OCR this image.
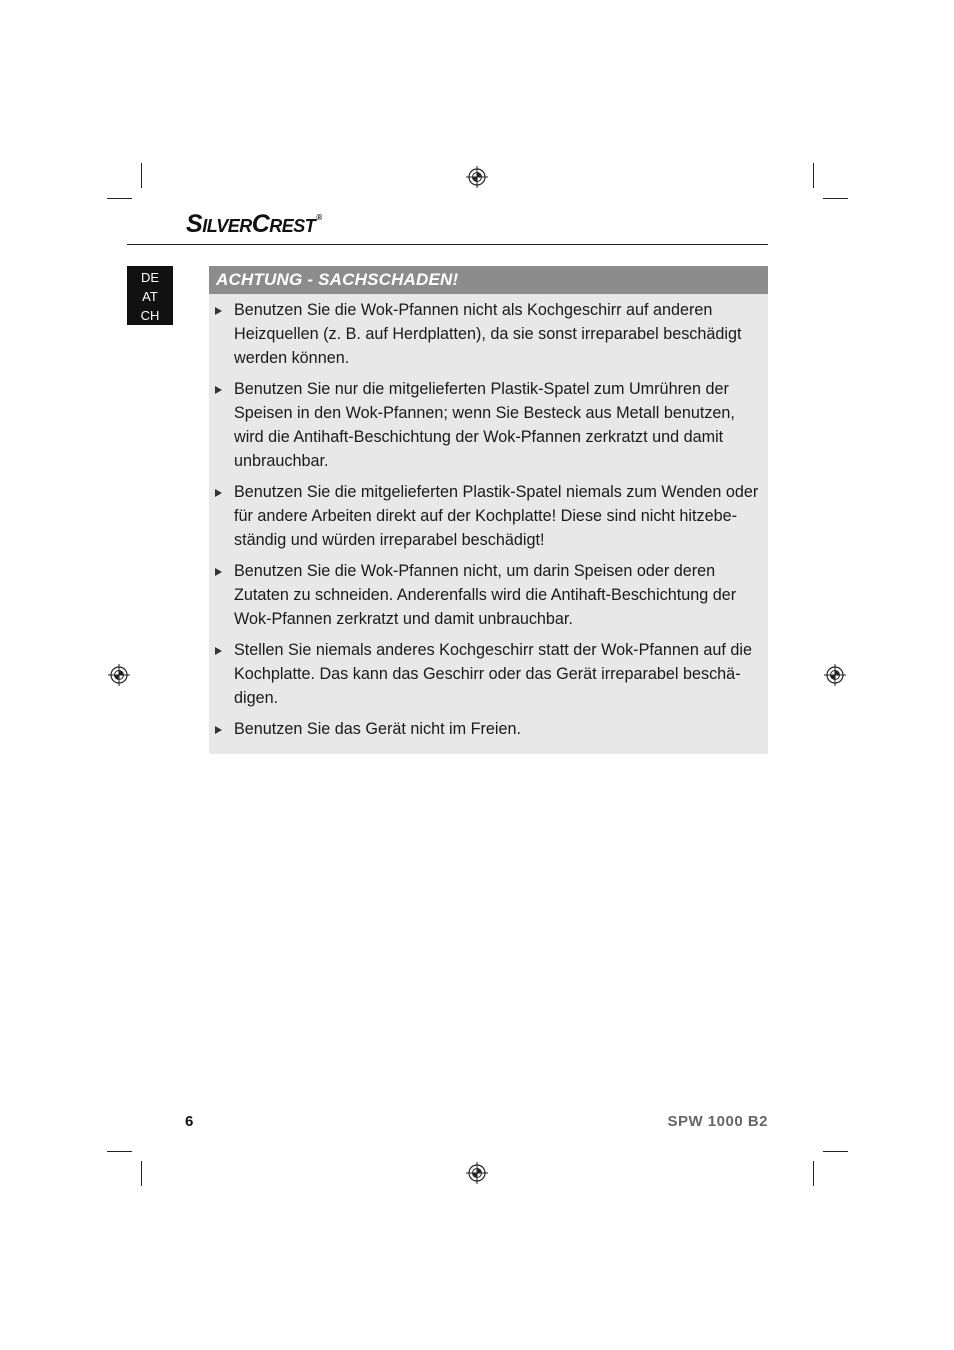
SILVERCREST®
DE
AT
CH
ACHTUNG - SACHSCHADEN!
Benutzen Sie die Wok-Pfannen nicht als Kochgeschirr auf anderen Heizquellen (z. B. auf Herdplatten), da sie sonst irreparabel beschädigt werden können.
Benutzen Sie nur die mitgelieferten Plastik-Spatel zum Umrühren der Speisen in den Wok-Pfannen; wenn Sie Besteck aus Metall benutzen, wird die Antihaft-Beschichtung der Wok-Pfannen zerkratzt und damit unbrauchbar.
Benutzen Sie die mitgelieferten Plastik-Spatel niemals zum Wenden oder für andere Arbeiten direkt auf der Kochplatte! Diese sind nicht hitzebeständig und würden irreparabel beschädigt!
Benutzen Sie die Wok-Pfannen nicht, um darin Speisen oder deren Zutaten zu schneiden. Anderenfalls wird die Antihaft-Beschichtung der Wok-Pfannen zerkratzt und damit unbrauchbar.
Stellen Sie niemals anderes Kochgeschirr statt der Wok-Pfannen auf die Kochplatte. Das kann das Geschirr oder das Gerät irreparabel beschädigen.
Benutzen Sie das Gerät nicht im Freien.
6	SPW 1000 B2
